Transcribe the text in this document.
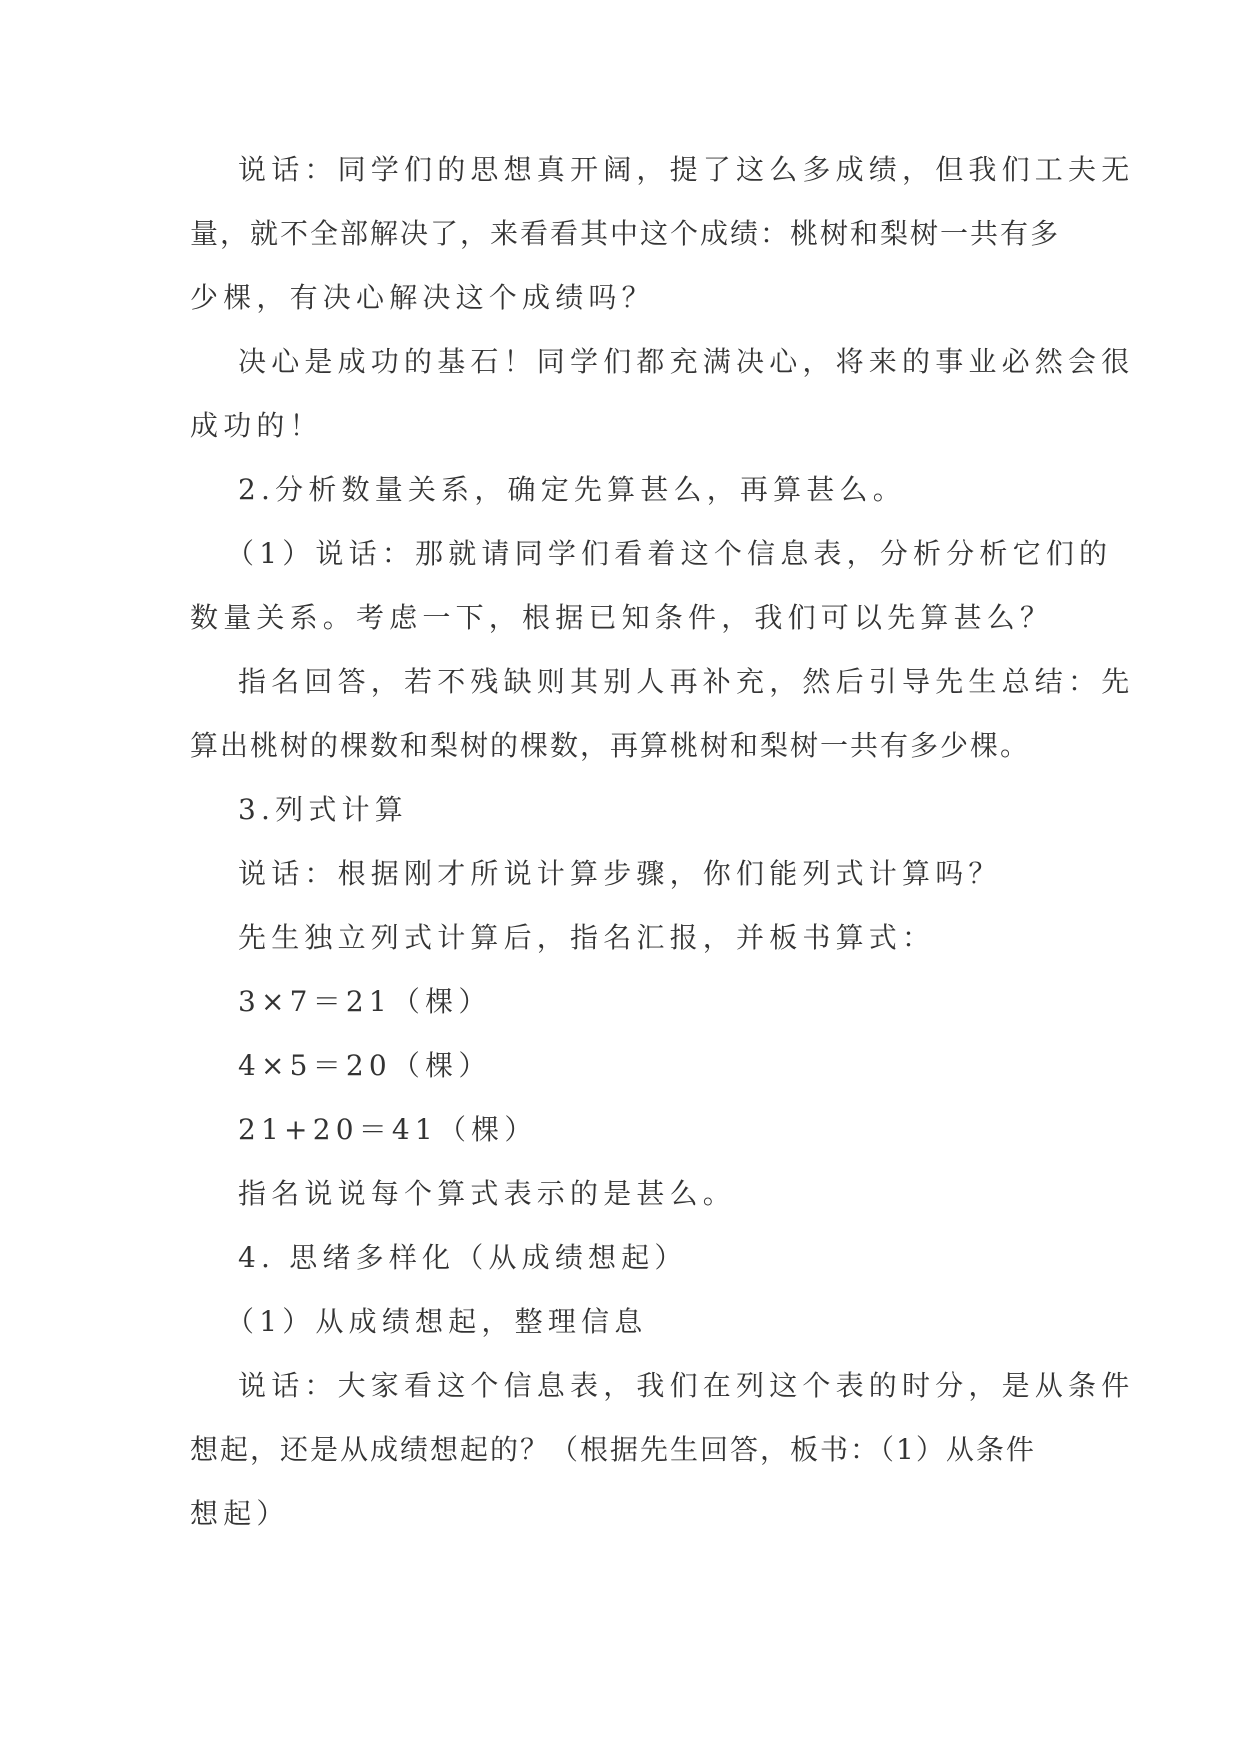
说话：同学们的思想真开阔，提了这么多成绩，但我们工夫无

量，就不全部解决了，来看看其中这个成绩：桃树和梨树一共有多

少棵，有决心解决这个成绩吗？

决心是成功的基石！同学们都充满决心，将来的事业必然会很

成功的！

2.分析数量关系，确定先算甚么，再算甚么。

（1）说话：那就请同学们看着这个信息表，分析分析它们的

数量关系。考虑一下，根据已知条件，我们可以先算甚么？

指名回答，若不残缺则其别人再补充，然后引导先生总结：先

算出桃树的棵数和梨树的棵数，再算桃树和梨树一共有多少棵。

3.列式计算

说话：根据刚才所说计算步骤，你们能列式计算吗？

先生独立列式计算后，指名汇报，并板书算式：

3×7＝21（棵）

4×5＝20（棵）

21+20＝41（棵）

指名说说每个算式表示的是甚么。

4. 思绪多样化（从成绩想起）

（1）从成绩想起，整理信息

说话：大家看这个信息表，我们在列这个表的时分，是从条件

想起，还是从成绩想起的？（根据先生回答，板书：（1）从条件

想起）
